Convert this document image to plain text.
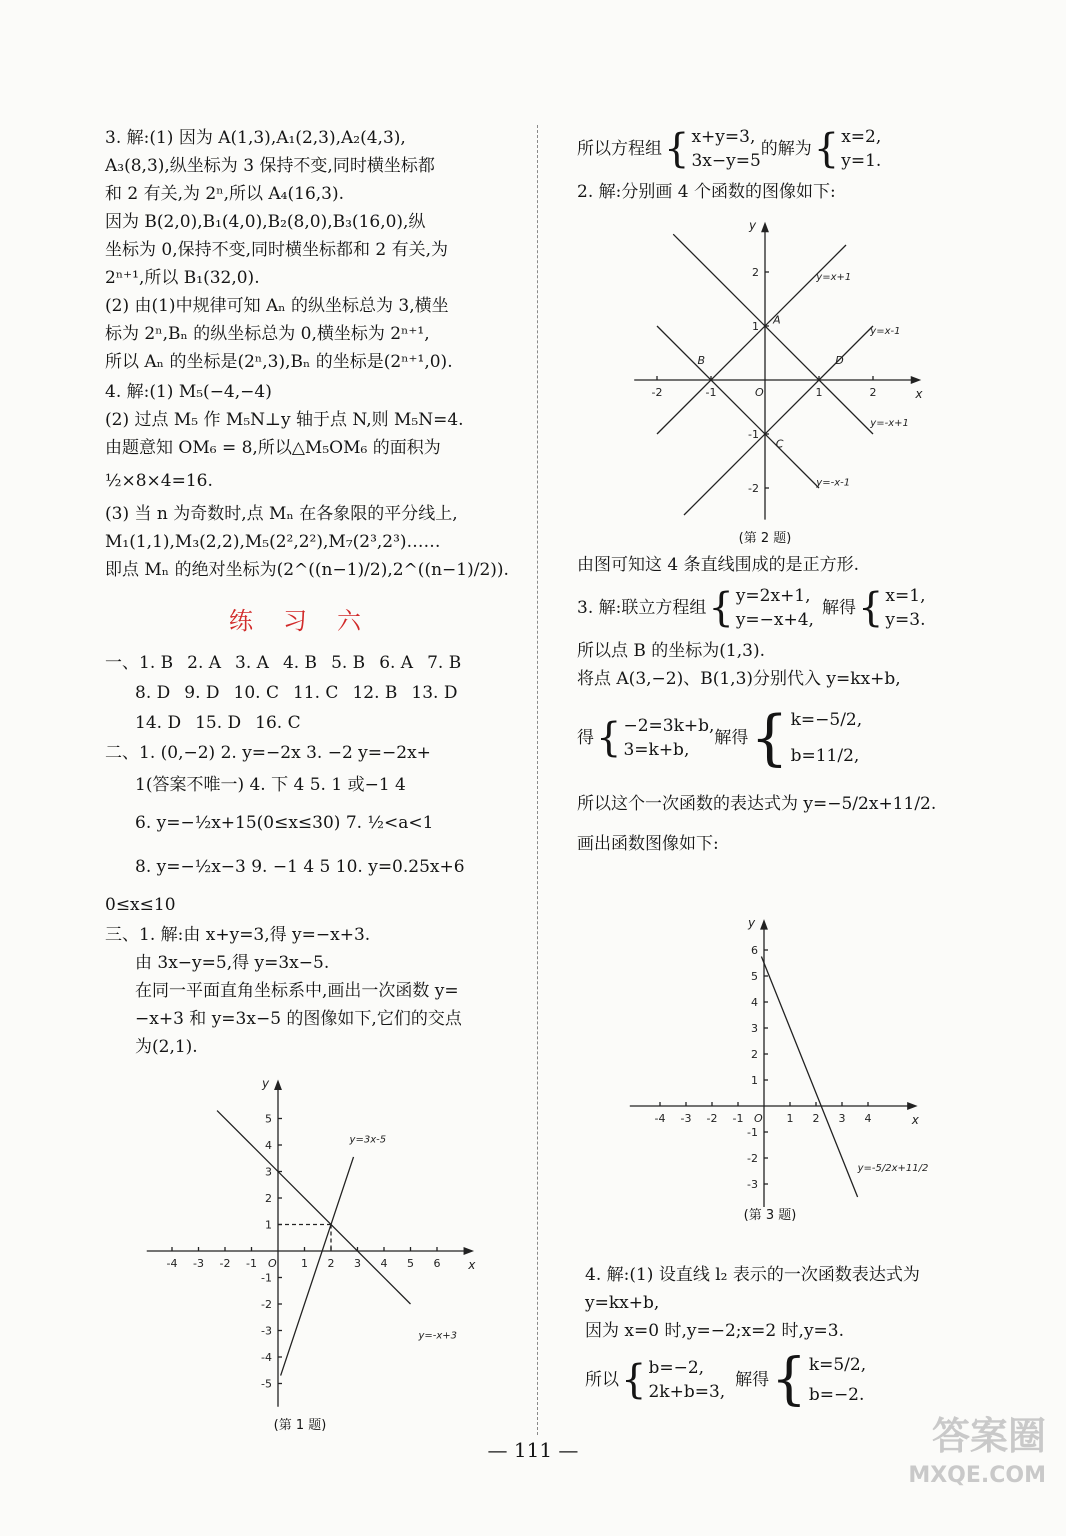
3. 解:(1) 因为 A(1,3),A₁(2,3),A₂(4,3),

A₃(8,3),纵坐标为 3 保持不变,同时横坐标都

和 2 有关,为 2ⁿ,所以 A₄(16,3).

因为 B(2,0),B₁(4,0),B₂(8,0),B₃(16,0),纵

坐标为 0,保持不变,同时横坐标都和 2 有关,为

2ⁿ⁺¹,所以 B₁(32,0).

(2) 由(1)中规律可知 Aₙ 的纵坐标总为 3,横坐

标为 2ⁿ,Bₙ 的纵坐标总为 0,横坐标为 2ⁿ⁺¹,

所以 Aₙ 的坐标是(2ⁿ,3),Bₙ 的坐标是(2ⁿ⁺¹,0).

4. 解:(1) M₅(−4,−4)

(2) 过点 M₅ 作 M₅N⊥y 轴于点 N,则 M₅N=4.

由题意知 OM₆ = 8,所以△M₅OM₆ 的面积为

½×8×4=16.

(3) 当 n 为奇数时,点 Mₙ 在各象限的平分线上,

M₁(1,1),M₃(2,2),M₅(2²,2²),M₇(2³,2³)……

即点 Mₙ 的绝对坐标为(2^((n−1)/2),2^((n−1)/2)).

练习六
一、1. B 2. A 3. A 4. B 5. B 6. A 7. B
8. D 9. D 10. C 11. C 12. B 13. D
14. D 15. D 16. C

二、1. (0,−2) 2. y=−2x 3. −2 y=−2x+

1(答案不唯一) 4. 下 4 5. 1 或−1 4

6. y=−½x+15(0≤x≤30) 7. ½<a<1

8. y=−½x−3 9. −1 4 5 10. y=0.25x+6

0≤x≤10

三、1. 解:由 x+y=3,得 y=−x+3.

由 3x−y=5,得 y=3x−5.

在同一平面直角坐标系中,画出一次函数 y=

−x+3 和 y=3x−5 的图像如下,它们的交点

为(2,1).

-4 -3 -2 -1	1 2 3 4 5 6
5
4
3
2
1
-1
-2
-3
-4
-5
O	x
y
y=3x-5
y=-x+3
(第 1 题)
所以方程组 { x+y=3,
3x−y=5
的解为 { x=2,
y=1.

2. 解:分别画 4 个函数的图像如下:

-2	-1	1	2
2
1
-1
-2
O	x
y
y=x+1
y=x-1
y=-x+1
y=-x-1
A
B
C
D
(第 2 题)

由图可知这 4 条直线围成的是正方形.

3. 解:联立方程组 { y=2x+1,
y=−x+4,
解得 { x=1,
y=3.

所以点 B 的坐标为(1,3).

将点 A(3,−2)、B(1,3)分别代入 y=kx+b,

得 { −2=3k+b,
3=k+b,
解得 { k=−5/2,
b=11/2,

所以这个一次函数的表达式为 y=−5/2x+11/2.

画出函数图像如下:

-4 -3 -2 -1	1 2 3 4
6
5
4
3
2
1
-1
-2
-3
O	x
y
y=-5/2x+11/2
(第 3 题)

4. 解:(1) 设直线 l₂ 表示的一次函数表达式为

y=kx+b,

因为 x=0 时,y=−2;x=2 时,y=3.

所以 { b=−2,
2k+b=3,
解得 { k=5/2,
b=−2.
— 111 —	答案圈
MXQE.COM
